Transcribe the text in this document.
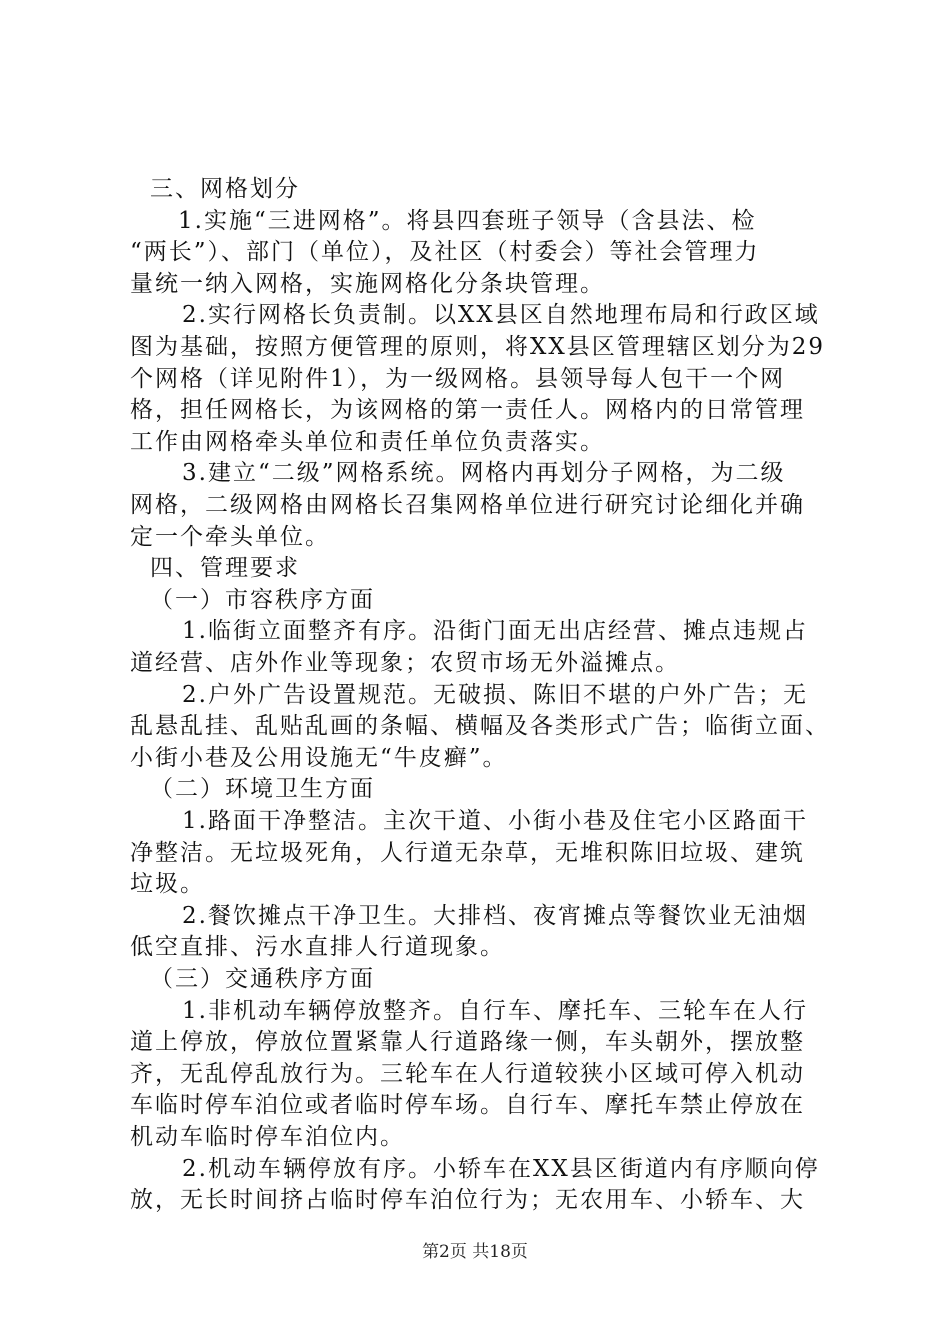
三、网格划分
1.实施“三进网格”。将县四套班子领导（含县法、检
“两长”）、部门（单位），及社区（村委会）等社会管理力
量统一纳入网格，实施网格化分条块管理。
2.实行网格长负责制。以XX县区自然地理布局和行政区域
图为基础，按照方便管理的原则，将XX县区管理辖区划分为29
个网格（详见附件1），为一级网格。县领导每人包干一个网
格，担任网格长，为该网格的第一责任人。网格内的日常管理
工作由网格牵头单位和责任单位负责落实。
3.建立“二级”网格系统。网格内再划分子网格，为二级
网格，二级网格由网格长召集网格单位进行研究讨论细化并确
定一个牵头单位。
四、管理要求
（一）市容秩序方面
1.临街立面整齐有序。沿街门面无出店经营、摊点违规占
道经营、店外作业等现象；农贸市场无外溢摊点。
2.户外广告设置规范。无破损、陈旧不堪的户外广告；无
乱悬乱挂、乱贴乱画的条幅、横幅及各类形式广告；临街立面、
小街小巷及公用设施无“牛皮癣”。
（二）环境卫生方面
1.路面干净整洁。主次干道、小街小巷及住宅小区路面干
净整洁。无垃圾死角，人行道无杂草，无堆积陈旧垃圾、建筑
垃圾。
2.餐饮摊点干净卫生。大排档、夜宵摊点等餐饮业无油烟
低空直排、污水直排人行道现象。
（三）交通秩序方面
1.非机动车辆停放整齐。自行车、摩托车、三轮车在人行
道上停放，停放位置紧靠人行道路缘一侧，车头朝外，摆放整
齐，无乱停乱放行为。三轮车在人行道较狭小区域可停入机动
车临时停车泊位或者临时停车场。自行车、摩托车禁止停放在
机动车临时停车泊位内。
2.机动车辆停放有序。小轿车在XX县区街道内有序顺向停
放，无长时间挤占临时停车泊位行为；无农用车、小轿车、大
第2页 共18页
